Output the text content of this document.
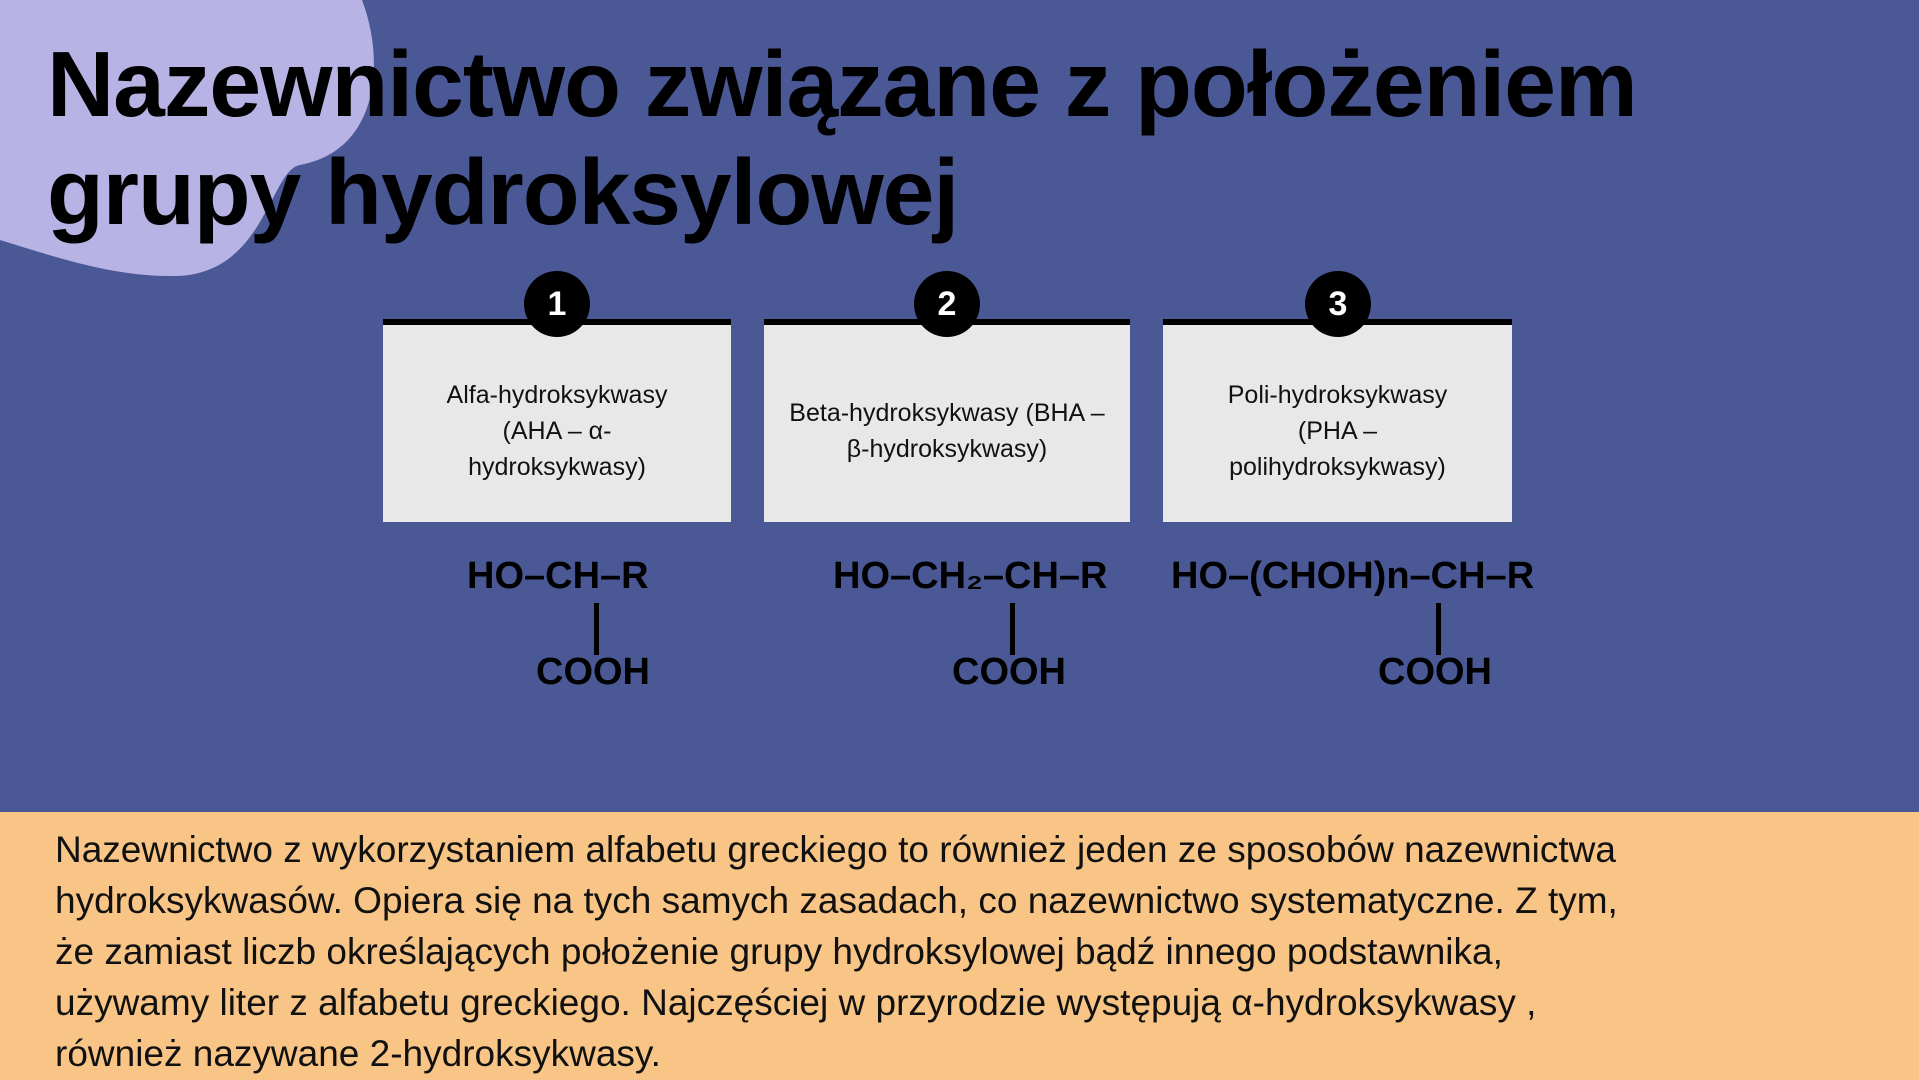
Nazewnictwo związane z położeniem
grupy hydroksylowej
Alfa-hydroksykwasy (AHA – α-hydroksykwasy)
1
HO–CH–R
COOH
Beta-hydroksykwasy (BHA – β-hydroksykwasy)
2
HO–CH₂–CH–R
COOH
Poli-hydroksykwasy (PHA – polihydroksykwasy)
3
HO–(CHOH)n–CH–R
COOH
Nazewnictwo z wykorzystaniem alfabetu greckiego to również jeden ze sposobów nazewnictwa
hydroksykwasów. Opiera się na tych samych zasadach, co nazewnictwo systematyczne. Z tym,
że zamiast liczb określających położenie grupy hydroksylowej bądź innego podstawnika,
używamy liter z alfabetu greckiego. Najczęściej w przyrodzie występują α-hydroksykwasy ,
również nazywane 2-hydroksykwasy.
